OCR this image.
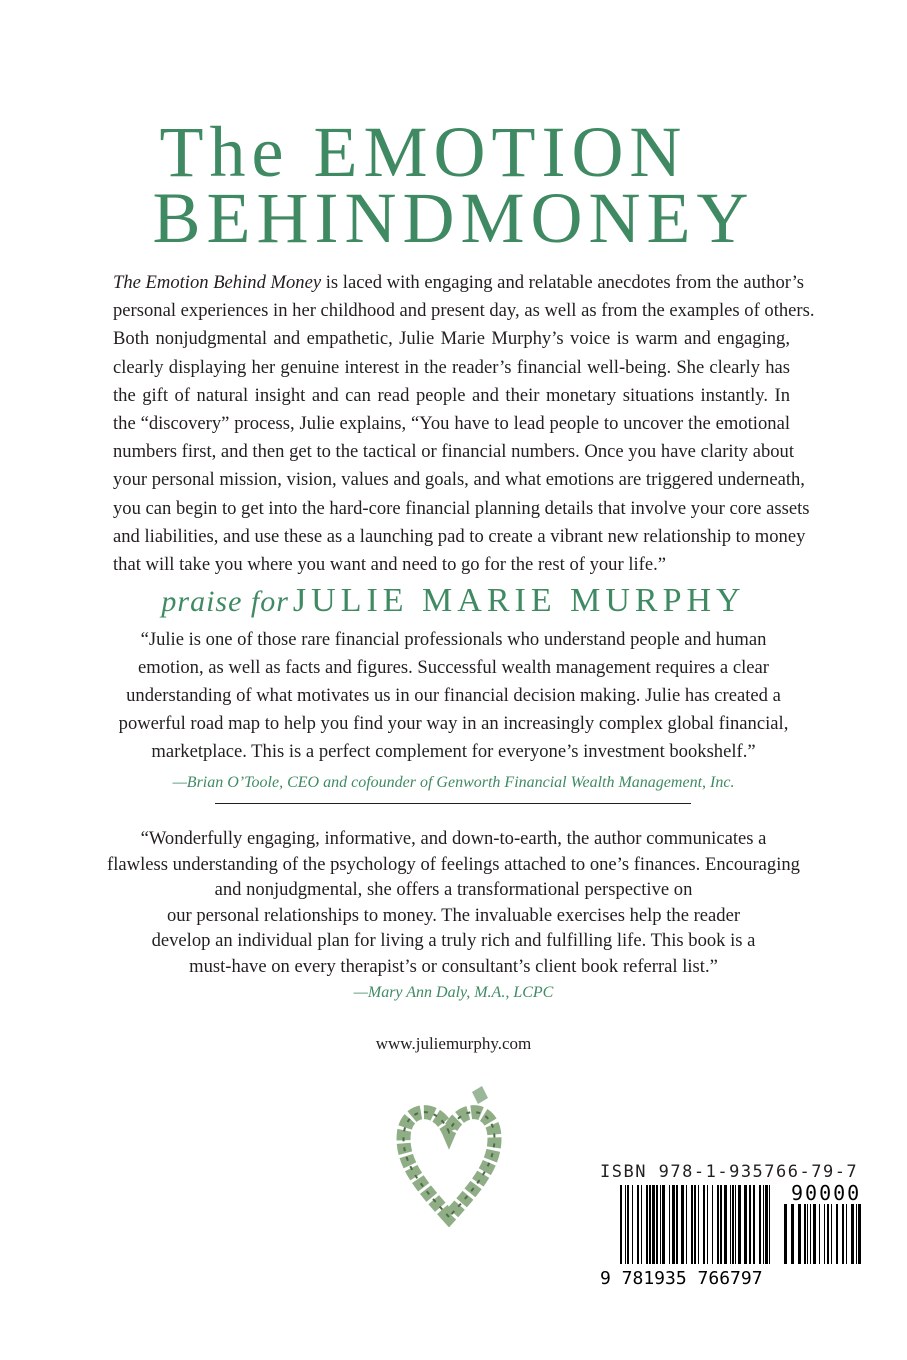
The EMOTION
BEHINDMONEY
The Emotion Behind Money is laced with engaging and relatable anecdotes from the author’s
personal experiences in her childhood and present day, as well as from the examples of others.
Both nonjudgmental and empathetic, Julie Marie Murphy’s voice is warm and engaging,
clearly displaying her genuine interest in the reader’s financial well-being. She clearly has
the gift of natural insight and can read people and their monetary situations instantly. In
the “discovery” process, Julie explains, “You have to lead people to uncover the emotional
numbers first, and then get to the tactical or financial numbers. Once you have clarity about
your personal mission, vision, values and goals, and what emotions are triggered underneath,
you can begin to get into the hard-core financial planning details that involve your core assets
and liabilities, and use these as a launching pad to create a vibrant new relationship to money
that will take you where you want and need to go for the rest of your life.”
praise for JULIE MARIE MURPHY
“Julie is one of those rare financial professionals who understand people and human
emotion, as well as facts and figures. Successful wealth management requires a clear
understanding of what motivates us in our financial decision making. Julie has created a
powerful road map to help you find your way in an increasingly complex global financial,
marketplace. This is a perfect complement for everyone’s investment bookshelf.”
—Brian O’Toole, CEO and cofounder of Genworth Financial Wealth Management, Inc.
“Wonderfully engaging, informative, and down-to-earth, the author communicates a
flawless understanding of the psychology of feelings attached to one’s finances. Encouraging
and nonjudgmental, she offers a transformational perspective on
our personal relationships to money. The invaluable exercises help the reader
develop an individual plan for living a truly rich and fulfilling life. This book is a
must-have on every therapist’s or consultant’s client book referral list.”
—Mary Ann Daly, M.A., LCPC
www.juliemurphy.com
ISBN 978-1-935766-79-7
9 781935 766797
90000
